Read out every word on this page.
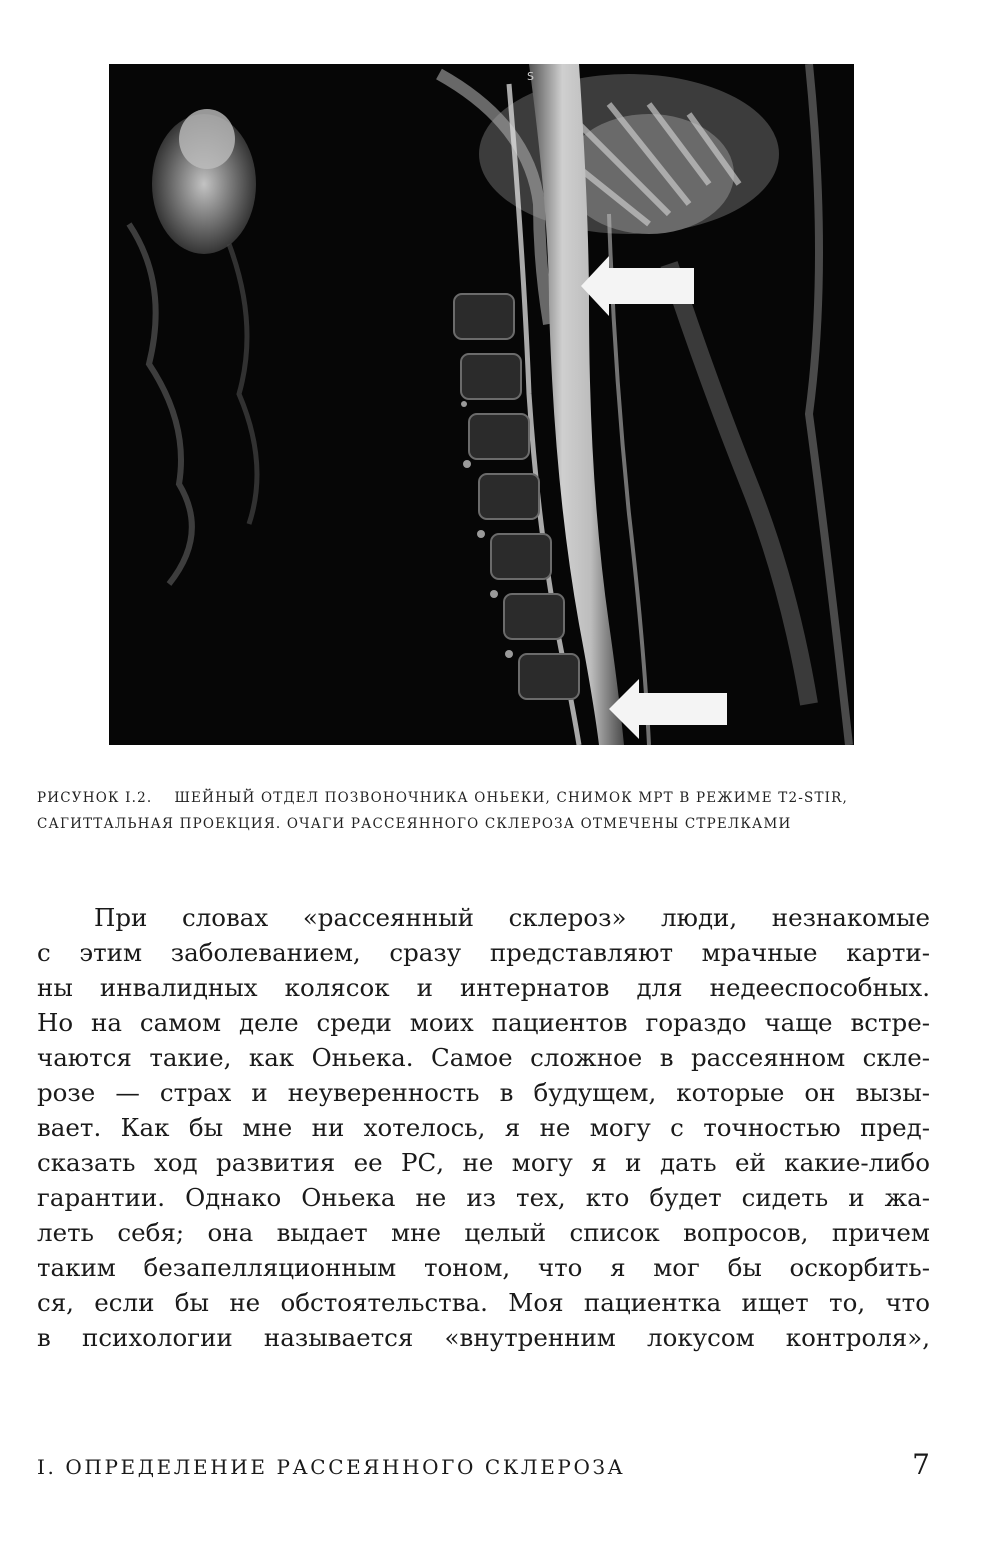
S

РИСУНОК I.2. ШЕЙНЫЙ ОТДЕЛ ПОЗВОНОЧНИКА ОНЬЕКИ, СНИМОК МРТ В РЕЖИМЕ T2-STIR, САГИТТАЛЬНАЯ ПРОЕКЦИЯ. ОЧАГИ РАССЕЯННОГО СКЛЕРОЗА ОТМЕЧЕНЫ СТРЕЛКАМИ

При словах «рассеянный склероз» люди, незнакомые
с этим заболеванием, сразу представляют мрачные карти-
ны инвалидных колясок и интернатов для недееспособных.
Но на самом деле среди моих пациентов гораздо чаще встре-
чаются такие, как Оньека. Самое сложное в рассеянном скле-
розе — страх и неуверенность в будущем, которые он вызы-
вает. Как бы мне ни хотелось, я не могу с точностью пред-
сказать ход развития ее РС, не могу я и дать ей какие-либо
гарантии. Однако Оньека не из тех, кто будет сидеть и жа-
леть себя; она выдает мне целый список вопросов, причем
таким безапелляционным тоном, что я мог бы оскорбить-
ся, если бы не обстоятельства. Моя пациентка ищет то, что
в психологии называется «внутренним локусом контроля»,

I. ОПРЕДЕЛЕНИЕ РАССЕЯННОГО СКЛЕРОЗА	7
